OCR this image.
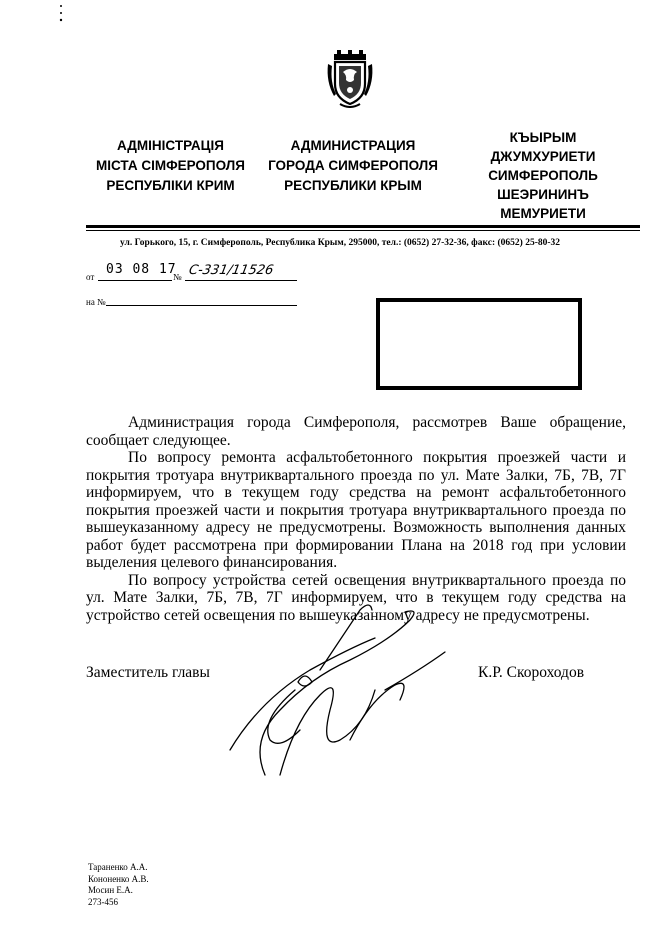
АДМІНІСТРАЦІЯ
МІСТА СІМФЕРОПОЛЯ
РЕСПУБЛІКИ КРИМ
АДМИНИСТРАЦИЯ
ГОРОДА СИМФЕРОПОЛЯ
РЕСПУБЛИКИ КРЫМ
КЪЫРЫМ
ДЖУМХУРИЕТИ
СИМФЕРОПОЛЬ
ШЕЭРИНИНЪ
МЕМУРИЕТИ
ул. Горького, 15, г. Симферополь, Республика Крым, 295000, тел.: (0652) 27-32-36, факс: (0652) 25-80-32
от 03 08 17
№ С-331/11526
на №

Администрация города Симферополя, рассмотрев Ваше обращение, сообщает следующее.

По вопросу ремонта асфальтобетонного покрытия проезжей части и покрытия тротуара внутриквартального проезда по ул. Мате Залки, 7Б, 7В, 7Г информируем, что в текущем году средства на ремонт асфальтобетонного покрытия проезжей части и покрытия тротуара внутриквартального проезда по вышеуказанному адресу не предусмотрены. Возможность выполнения данных работ будет рассмотрена при формировании Плана на 2018 год при условии выделения целевого финансирования.

По вопросу устройства сетей освещения внутриквартального проезда по ул. Мате Залки, 7Б, 7В, 7Г информируем, что в текущем году средства на устройство сетей освещения по вышеуказанному адресу не предусмотрены.

Заместитель главы	К.Р. Скороходов
Тараненко А.А.
Кононенко А.В.
Мосин Е.А.
273-456
